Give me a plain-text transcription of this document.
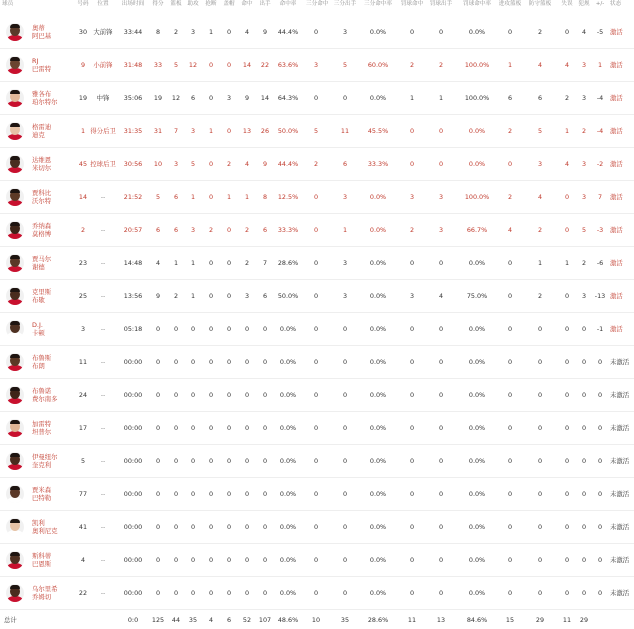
球员	号码	位置	出场时间	得分	篮板	助攻	抢断	盖帽	命中	出手	命中率	三分命中 三分出手	三分命中率	罚球命中 罚球出手	罚球命中率	进攻篮板	防守篮板	失误	犯规	+/-	状态
奥蒂
阿巴基
30 大前锋	33:44	8	2	3	1	0	4	9	44.4%	0	3	0.0%	0	0	0.0%	0	2	0	4	-5	激活
RJ
巴雷特
9	小前锋	31:48	33	5	12	0	0	14	22	63.6%	3	5	60.0%	2	2	100.0%	1	4	4	3	1	激活
雅各布
珀尔特尔
19	中锋	35:06	19	12	6	0	3	9	14	64.3%	0	0	0.0%	1	1	100.0%	6	6	2	3	-4	激活
格雷迪
迪克
1 得分后卫	31:35	31	7	3	1	0	13	26	50.0%	5	11	45.5%	0	0	0.0%	2	5	1	2	-4	激活
达维恩
米切尔
45 控球后卫	30:56	10	3	5	0	2	4	9	44.4%	2	6	33.3%	0	0	0.0%	0	3	4	3	-2	激活
贾科比
沃尔特
14	--	21:52	5	6	1	0	1	1	8	12.5%	0	3	0.0%	3	3	100.0%	2	4	0	3	7	激活
乔纳森
莫格博
2	--	20:57	6	6	3	2	0	2	6	33.3%	0	1	0.0%	2	3	66.7%	4	2	0	5	-3	激活
贾马尔
谢德
23	--	14:48	4	1	1	0	0	2	7	28.6%	0	3	0.0%	0	0	0.0%	0	1	1	2	-6	激活
克里斯
布歇
25	--	13:56	9	2	1	0	0	3	6	50.0%	0	3	0.0%	3	4	75.0%	0	2	0	3	-13 激活
D.J.
卡顿
3	--	05:18	0	0	0	0	0	0	0	0.0%	0	0	0.0%	0	0	0.0%	0	0	0	0	-1	激活
布鲁斯
布朗
11	--	00:00	0	0	0	0	0	0	0	0.0%	0	0	0.0%	0	0	0.0%	0	0	0	0	0	未激活
布鲁诺
费尔南多
24	--	00:00	0	0	0	0	0	0	0	0.0%	0	0	0.0%	0	0	0.0%	0	0	0	0	0	未激活
加雷特
坦普尔
17	--	00:00	0	0	0	0	0	0	0	0.0%	0	0	0.0%	0	0	0.0%	0	0	0	0	0	未激活
伊曼纽尔
奎克利
5	--	00:00	0	0	0	0	0	0	0	0.0%	0	0	0.0%	0	0	0.0%	0	0	0	0	0	未激活
贾米森
巴特勒
77	--	00:00	0	0	0	0	0	0	0	0.0%	0	0	0.0%	0	0	0.0%	0	0	0	0	0	未激活
凯利
奥利尼克
41	--	00:00	0	0	0	0	0	0	0	0.0%	0	0	0.0%	0	0	0.0%	0	0	0	0	0	未激活
斯科蒂
巴恩斯
4	--	00:00	0	0	0	0	0	0	0	0.0%	0	0	0.0%	0	0	0.0%	0	0	0	0	0	未激活
乌尔里希
乔姆切
22	--	00:00	0	0	0	0	0	0	0	0.0%	0	0	0.0%	0	0	0.0%	0	0	0	0	0	未激活
总计	0:0	125	44	35	4	6	52	107	48.6%	10	35	28.6%	11	13	84.6%	15	29	11	29
